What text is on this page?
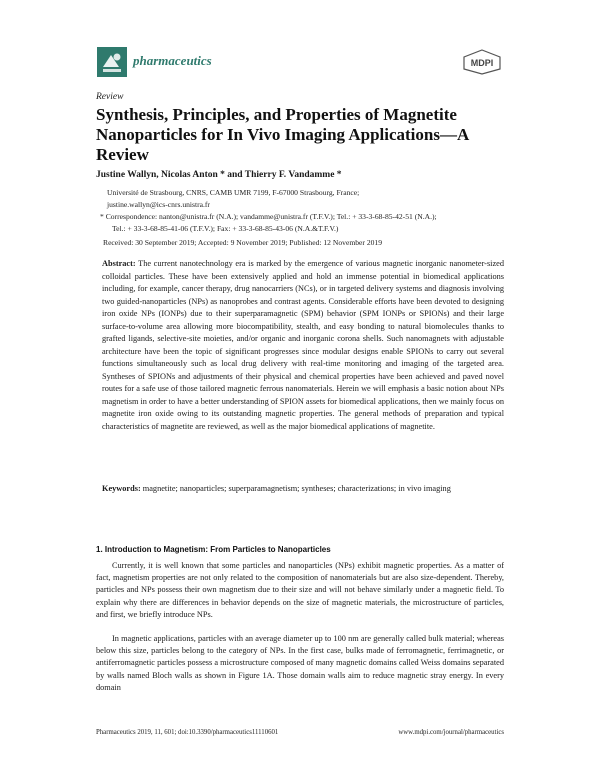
pharmaceutics	MDPI
Review
Synthesis, Principles, and Properties of Magnetite Nanoparticles for In Vivo Imaging Applications—A Review
Justine Wallyn, Nicolas Anton * and Thierry F. Vandamme *
Université de Strasbourg, CNRS, CAMB UMR 7199, F-67000 Strasbourg, France;
justine.wallyn@ics-cnrs.unistra.fr
* Correspondence: nanton@unistra.fr (N.A.); vandamme@unistra.fr (T.F.V.); Tel.: + 33-3-68-85-42-51 (N.A.);
Tel.: + 33-3-68-85-41-06 (T.F.V.); Fax: + 33-3-68-85-43-06 (N.A.&T.F.V.)
Received: 30 September 2019; Accepted: 9 November 2019; Published: 12 November 2019
Abstract: The current nanotechnology era is marked by the emergence of various magnetic inorganic nanometer-sized colloidal particles. These have been extensively applied and hold an immense potential in biomedical applications including, for example, cancer therapy, drug nanocarriers (NCs), or in targeted delivery systems and diagnosis involving two guided-nanoparticles (NPs) as nanoprobes and contrast agents. Considerable efforts have been devoted to designing iron oxide NPs (IONPs) due to their superparamagnetic (SPM) behavior (SPM IONPs or SPIONs) and their large surface-to-volume area allowing more biocompatibility, stealth, and easy bonding to natural biomolecules thanks to grafted ligands, selective-site moieties, and/or organic and inorganic corona shells. Such nanomagnets with adjustable architecture have been the topic of significant progresses since modular designs enable SPIONs to carry out several functions simultaneously such as local drug delivery with real-time monitoring and imaging of the targeted area. Syntheses of SPIONs and adjustments of their physical and chemical properties have been achieved and paved novel routes for a safe use of those tailored magnetic ferrous nanomaterials. Herein we will emphasis a basic notion about NPs magnetism in order to have a better understanding of SPION assets for biomedical applications, then we mainly focus on magnetite iron oxide owing to its outstanding magnetic properties. The general methods of preparation and typical characteristics of magnetite are reviewed, as well as the major biomedical applications of magnetite.
Keywords: magnetite; nanoparticles; superparamagnetism; syntheses; characterizations; in vivo imaging
1. Introduction to Magnetism: From Particles to Nanoparticles

Currently, it is well known that some particles and nanoparticles (NPs) exhibit magnetic properties. As a matter of fact, magnetism properties are not only related to the composition of nanomaterials but are also size-dependent. Thereby, particles and NPs possess their own magnetism due to their size and will not behave similarly under a magnetic field. To explain why there are differences in behavior depends on the size of magnetic materials, the microstructure of particles, and first, we briefly introduce NPs.

In magnetic applications, particles with an average diameter up to 100 nm are generally called bulk material; whereas below this size, particles belong to the category of NPs. In the first case, bulks made of ferromagnetic, ferrimagnetic, or antiferromagnetic particles possess a microstructure composed of many magnetic domains called Weiss domains separated by walls named Bloch walls as shown in Figure 1A. Those domain walls aim to reduce magnetic stray energy. In every domain

Pharmaceutics 2019, 11, 601; doi:10.3390/pharmaceutics11110601	www.mdpi.com/journal/pharmaceutics
